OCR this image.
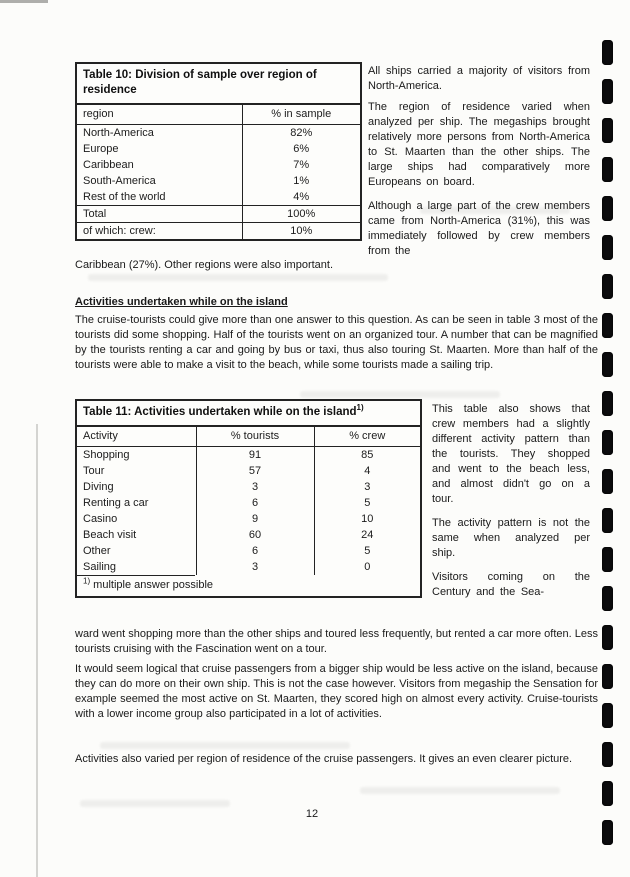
Table 10: Division of sample over region of residence
region	% in sample
North-America	82%
Europe	6%
Caribbean	7%
South-America	1%
Rest of the world	4%
Total	100%
of which: crew:	10%

All ships carried a majority of visitors from North-America.

The region of residence varied when analyzed per ship. The megaships brought relatively more persons from North-America to St. Maarten than the other ships. The large ships had comparatively more Europeans on board.

Although a large part of the crew members came from North-America (31%), this was immediately followed by crew members from the

Caribbean (27%). Other regions were also important.
Activities undertaken while on the island
The cruise-tourists could give more than one answer to this question. As can be seen in table 3 most of the tourists did some shopping. Half of the tourists went on an organized tour. A number that can be magnified by the tourists renting a car and going by bus or taxi, thus also touring St. Maarten. More than half of the tourists were able to make a visit to the beach, while some tourists made a sailing trip.
Table 11: Activities undertaken while on the island$^{1)}$
Activity	% tourists	% crew
Shopping	91	85
Tour	57	4
Diving	3	3
Renting a car	6	5
Casino	9	10
Beach visit	60	24
Other	6	5
Sailing	3	0
$^{1)}$ multiple answer possible

This table also shows that crew members had a slightly different activity pattern than the tourists. They shopped and went to the beach less, and almost didn't go on a tour.

The activity pattern is not the same when analyzed per ship.

Visitors coming on the Century and the Sea-

ward went shopping more than the other ships and toured less frequently, but rented a car more often. Less tourists cruising with the Fascination went on a tour.
It would seem logical that cruise passengers from a bigger ship would be less active on the island, because they can do more on their own ship. This is not the case however. Visitors from megaship the Sensation for example seemed the most active on St. Maarten, they scored high on almost every activity. Cruise-tourists with a lower income group also participated in a lot of activities.
Activities also varied per region of residence of the cruise passengers. It gives an even clearer picture.
12
